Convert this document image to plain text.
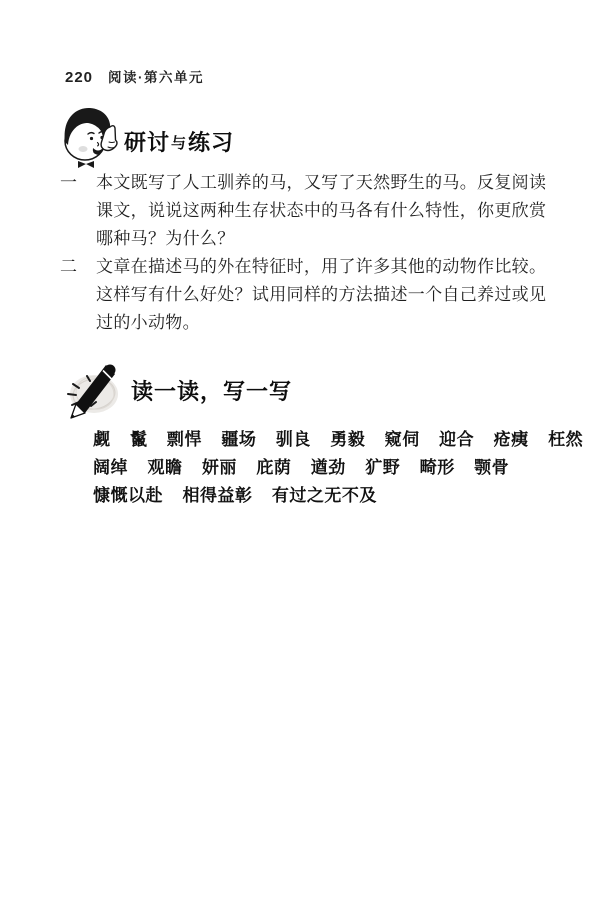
220 阅读·第六单元
研讨与练习
一	本文既写了人工驯养的马，又写了天然野生的马。反复阅读
课文，说说这两种生存状态中的马各有什么特性，你更欣赏
哪种马？为什么？
二	文章在描述马的外在特征时，用了许多其他的动物作比较。
这样写有什么好处？试用同样的方法描述一个自己养过或见
过的小动物。
读一读，写一写
觑 鬣 剽悍 疆场 驯良 勇毅 窥伺 迎合 疮痍 枉然
阔绰 观瞻 妍丽 庇荫 遒劲 犷野 畸形 颚骨
慷慨以赴 相得益彰 有过之无不及
